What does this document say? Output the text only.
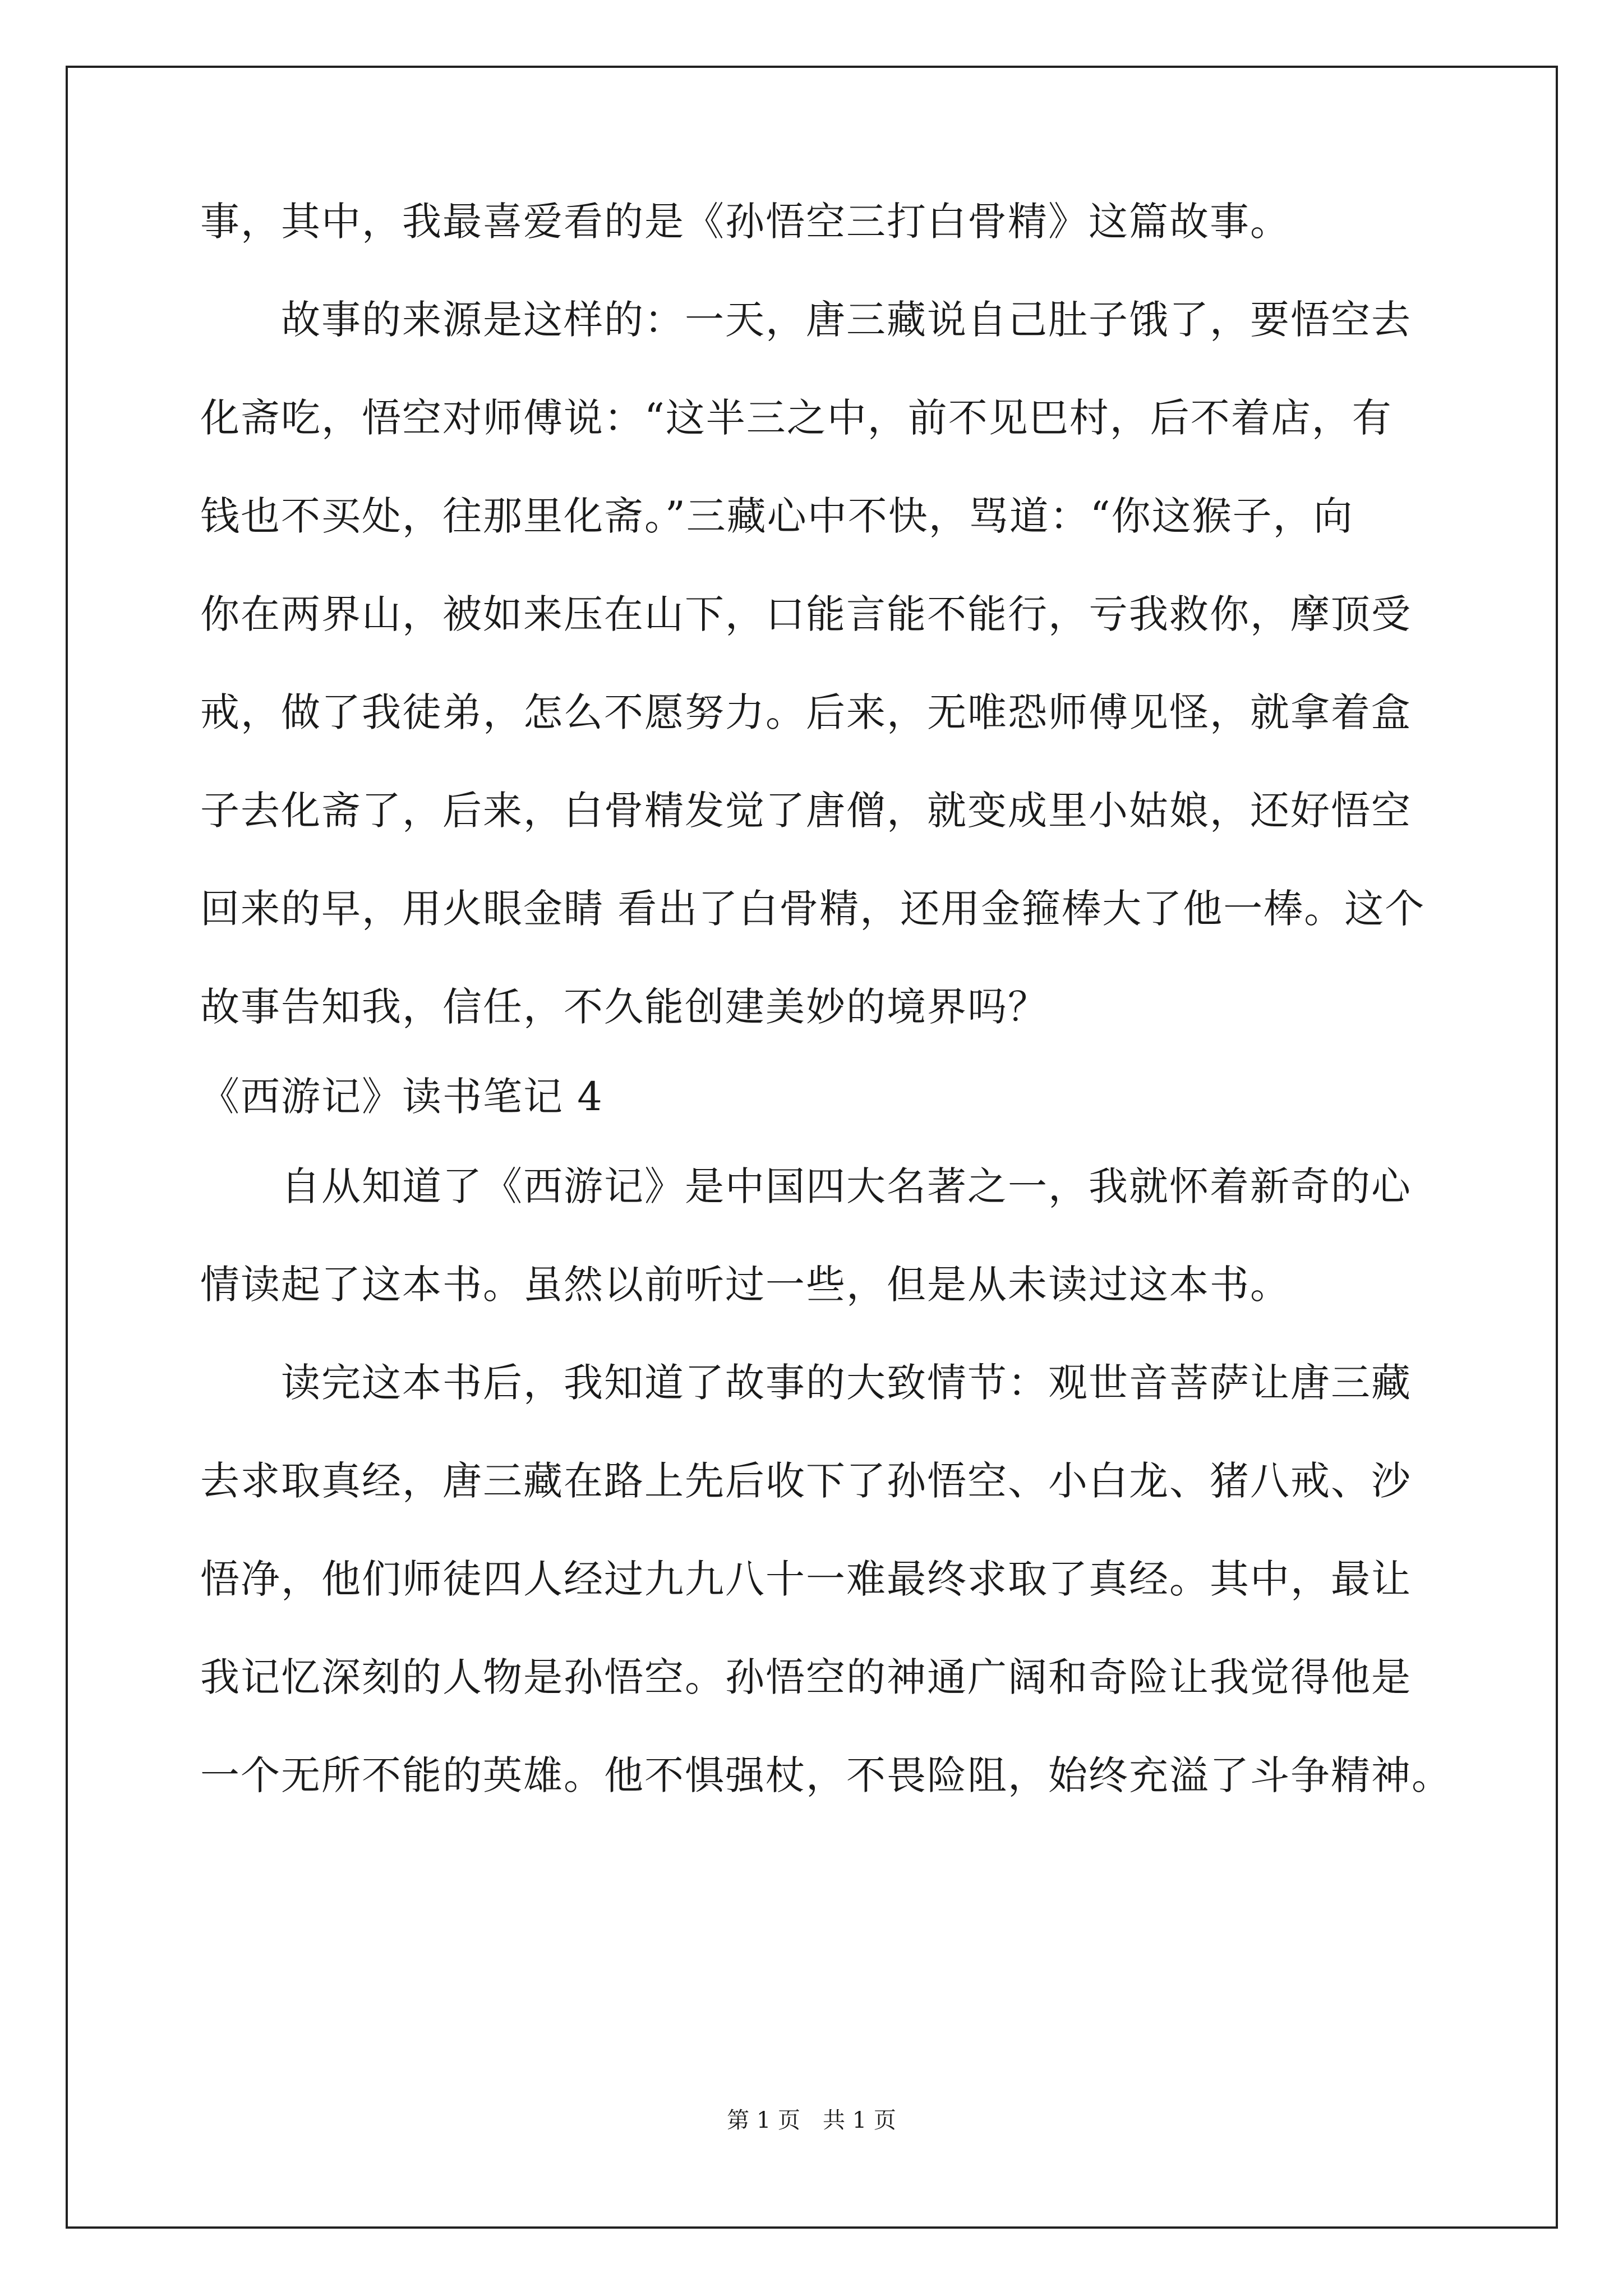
事，其中，我最喜爱看的是《孙悟空三打白骨精》这篇故事。

　　故事的来源是这样的：一天，唐三藏说自己肚子饿了，要悟空去

化斋吃，悟空对师傅说：“这半三之中，前不见巴村，后不着店，有

钱也不买处，往那里化斋。”三藏心中不快，骂道：“你这猴子，向

你在两界山，被如来压在山下，口能言能不能行，亏我救你，摩顶受

戒，做了我徒弟，怎么不愿努力。后来，无唯恐师傅见怪，就拿着盒

子去化斋了，后来，白骨精发觉了唐僧，就变成里小姑娘，还好悟空

回来的早，用火眼金睛 看出了白骨精，还用金箍棒大了他一棒。这个

故事告知我，信任，不久能创建美妙的境界吗？

《西游记》读书笔记 4

　　自从知道了《西游记》是中国四大名著之一，我就怀着新奇的心

情读起了这本书。虽然以前听过一些，但是从未读过这本书。

　　读完这本书后，我知道了故事的大致情节：观世音菩萨让唐三藏

去求取真经，唐三藏在路上先后收下了孙悟空、小白龙、猪八戒、沙

悟净，他们师徒四人经过九九八十一难最终求取了真经。其中，最让

我记忆深刻的人物是孙悟空。孙悟空的神通广阔和奇险让我觉得他是

一个无所不能的英雄。他不惧强杖，不畏险阻，始终充溢了斗争精神。

第 1 页　共 1 页
